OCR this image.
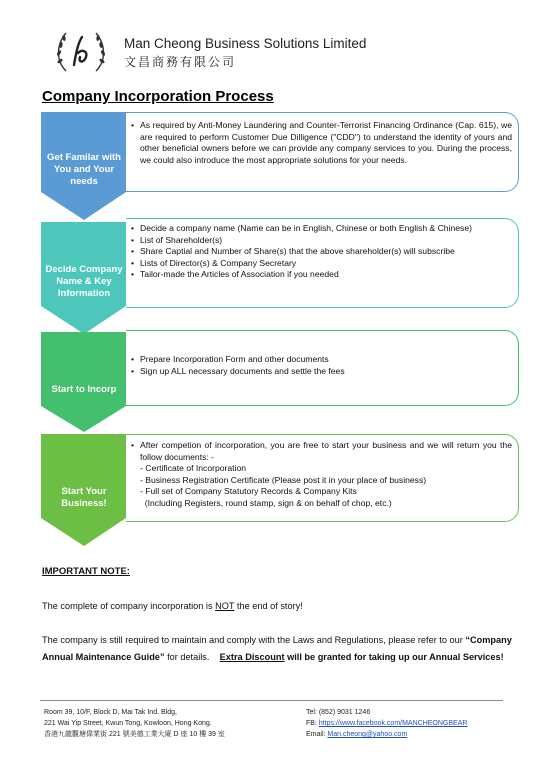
Man Cheong Business Solutions Limited
文昌商務有限公司
Company Incorporation Process
Get Familar with You and Your needs
Decide Company Name & Key Information
Start to Incorp
Start Your Business!
• As required by Anti-Money Laundering and Counter-Terrorist Financing Ordinance (Cap. 615), we are required to perform Customer Due Dilligence ("CDD") to understand the identity of yours and other beneficial owners before we can provide any company services to you. During the process, we could also introduce the most appropriate solutions for your needs.
• Decide a company name (Name can be in English, Chinese or both English & Chinese)
• List of Shareholder(s)
• Share Captial and Number of Share(s) that the above shareholder(s) will subscribe
• Lists of Director(s) & Company Secretary
• Tailor-made the Articles of Association if you needed
• Prepare Incorporation Form and other documents
• Sign up ALL necessary documents and settle the fees
• After competion of incorporation, you are free to start your business and we will return you the follow documents: -
- Certificate of Incorporation
- Business Registration Certificate (Please post it in your place of business)
- Full set of Company Statutory Records & Company Kits
(Including Registers, round stamp, sign & on behalf of chop, etc.)
IMPORTANT NOTE:
The complete of company incorporation is NOT the end of story!
The company is still required to maintain and comply with the Laws and Regulations, please refer to our “Company Annual Maintenance Guide” for details.    Extra Discount will be granted for taking up our Annual Services!
Room 39, 10/F, Block D, Mai Tak Ind. Bldg,
221 Wai Yip Street, Kwun Tong, Kowloon, Hong Kong.
香港九龍觀塘偉業街 221 號美德工業大廈 D 座 10 樓 39 室
Tel: (852) 9031 1246
FB: https://www.facebook.com/MANCHEONGBEAR
Email: Man.cheong@yahoo.com
